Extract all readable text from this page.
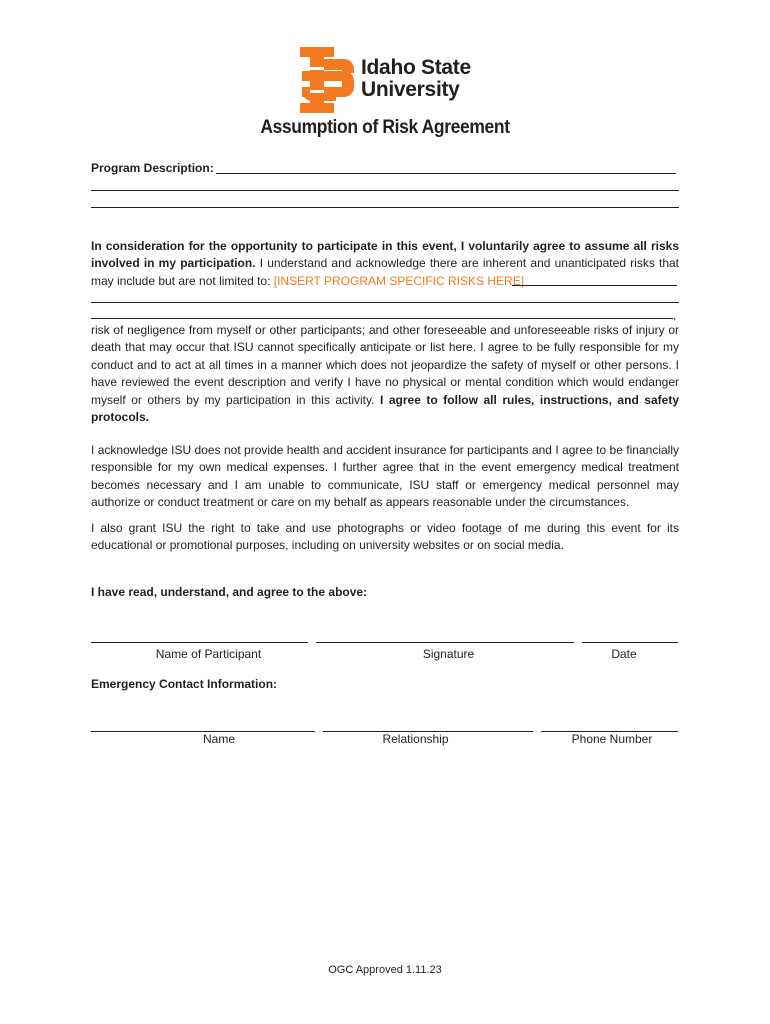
Idaho State
University
Assumption of Risk Agreement
Program Description:
In consideration for the opportunity to participate in this event, I voluntarily agree to assume all risks involved in my participation. I understand and acknowledge there are inherent and unanticipated risks that may include but are not limited to: [INSERT PROGRAM SPECIFIC RISKS HERE]
,
risk of negligence from myself or other participants; and other foreseeable and unforeseeable risks of injury or death that may occur that ISU cannot specifically anticipate or list here. I agree to be fully responsible for my conduct and to act at all times in a manner which does not jeopardize the safety of myself or other persons. I have reviewed the event description and verify I have no physical or mental condition which would endanger myself or others by my participation in this activity. I agree to follow all rules, instructions, and safety protocols.
I acknowledge ISU does not provide health and accident insurance for participants and I agree to be financially responsible for my own medical expenses. I further agree that in the event emergency medical treatment becomes necessary and I am unable to communicate, ISU staff or emergency medical personnel may authorize or conduct treatment or care on my behalf as appears reasonable under the circumstances.
I also grant ISU the right to take and use photographs or video footage of me during this event for its educational or promotional purposes, including on university websites or on social media.
I have read, understand, and agree to the above:
Name of Participant	Signature	Date
Emergency Contact Information:
Name	Relationship	Phone Number
OGC Approved 1.11.23
